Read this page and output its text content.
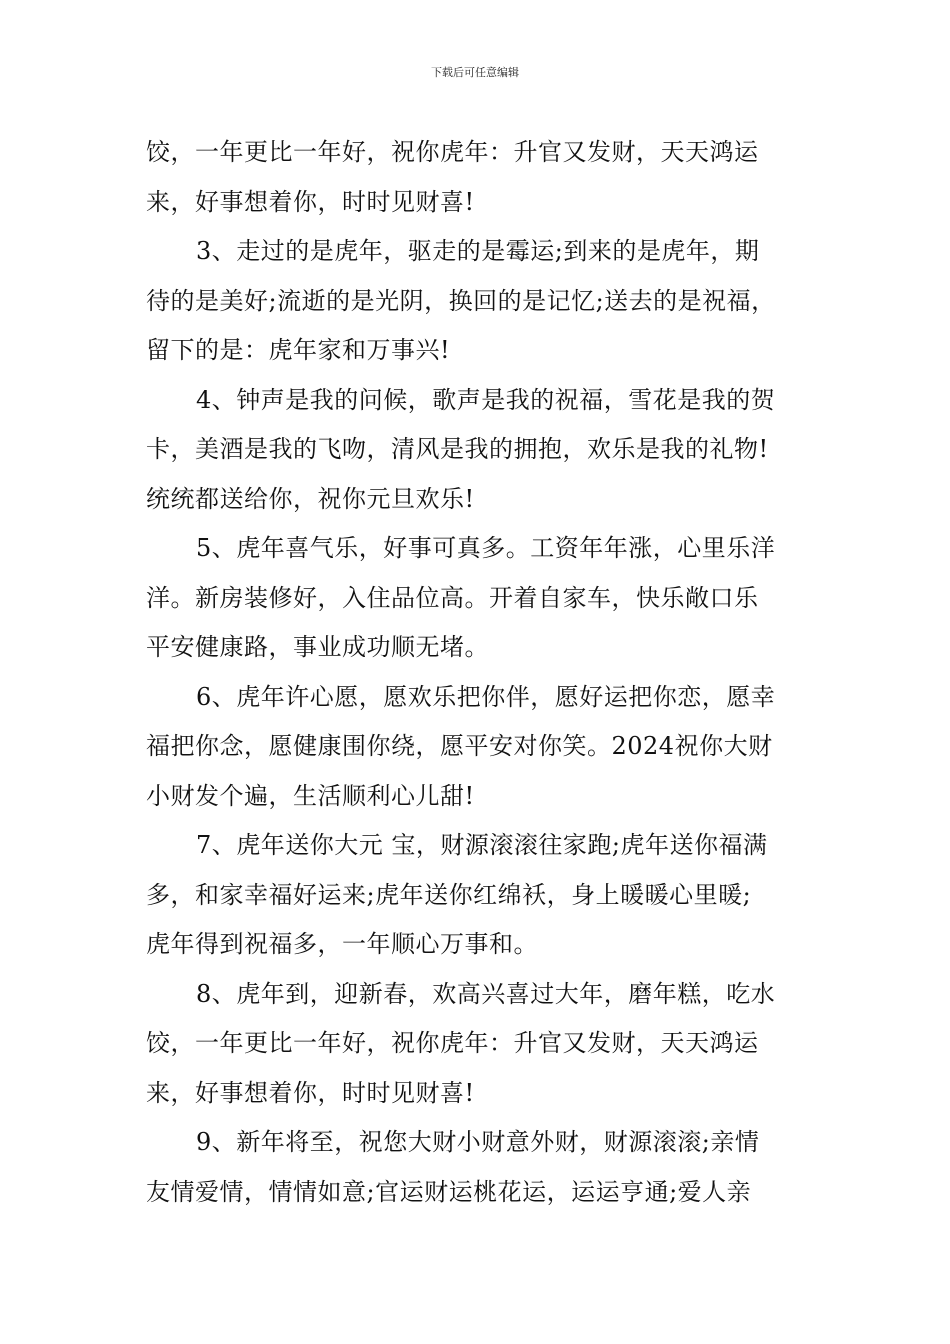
下载后可任意编辑
饺，一年更比一年好，祝你虎年：升官又发财，天天鸿运
来，好事想着你，时时见财喜!
3、走过的是虎年，驱走的是霉运;到来的是虎年，期
待的是美好;流逝的是光阴，换回的是记忆;送去的是祝福，
留下的是：虎年家和万事兴!
4、钟声是我的问候，歌声是我的祝福，雪花是我的贺
卡，美酒是我的飞吻，清风是我的拥抱，欢乐是我的礼物!
统统都送给你，祝你元旦欢乐!
5、虎年喜气乐，好事可真多。工资年年涨，心里乐洋
洋。新房装修好，入住品位高。开着自家车，快乐敞口乐
平安健康路，事业成功顺无堵。
6、虎年许心愿，愿欢乐把你伴，愿好运把你恋，愿幸
福把你念，愿健康围你绕，愿平安对你笑。2024祝你大财
小财发个遍，生活顺利心儿甜!
7、虎年送你大元 宝，财源滚滚往家跑;虎年送你福满
多，和家幸福好运来;虎年送你红绵袄，身上暖暖心里暖;
虎年得到祝福多，一年顺心万事和。
8、虎年到，迎新春，欢高兴喜过大年，磨年糕，吃水
饺，一年更比一年好，祝你虎年：升官又发财，天天鸿运
来，好事想着你，时时见财喜!
9、新年将至，祝您大财小财意外财，财源滚滚;亲情
友情爱情，情情如意;官运财运桃花运，运运亨通;爱人亲
